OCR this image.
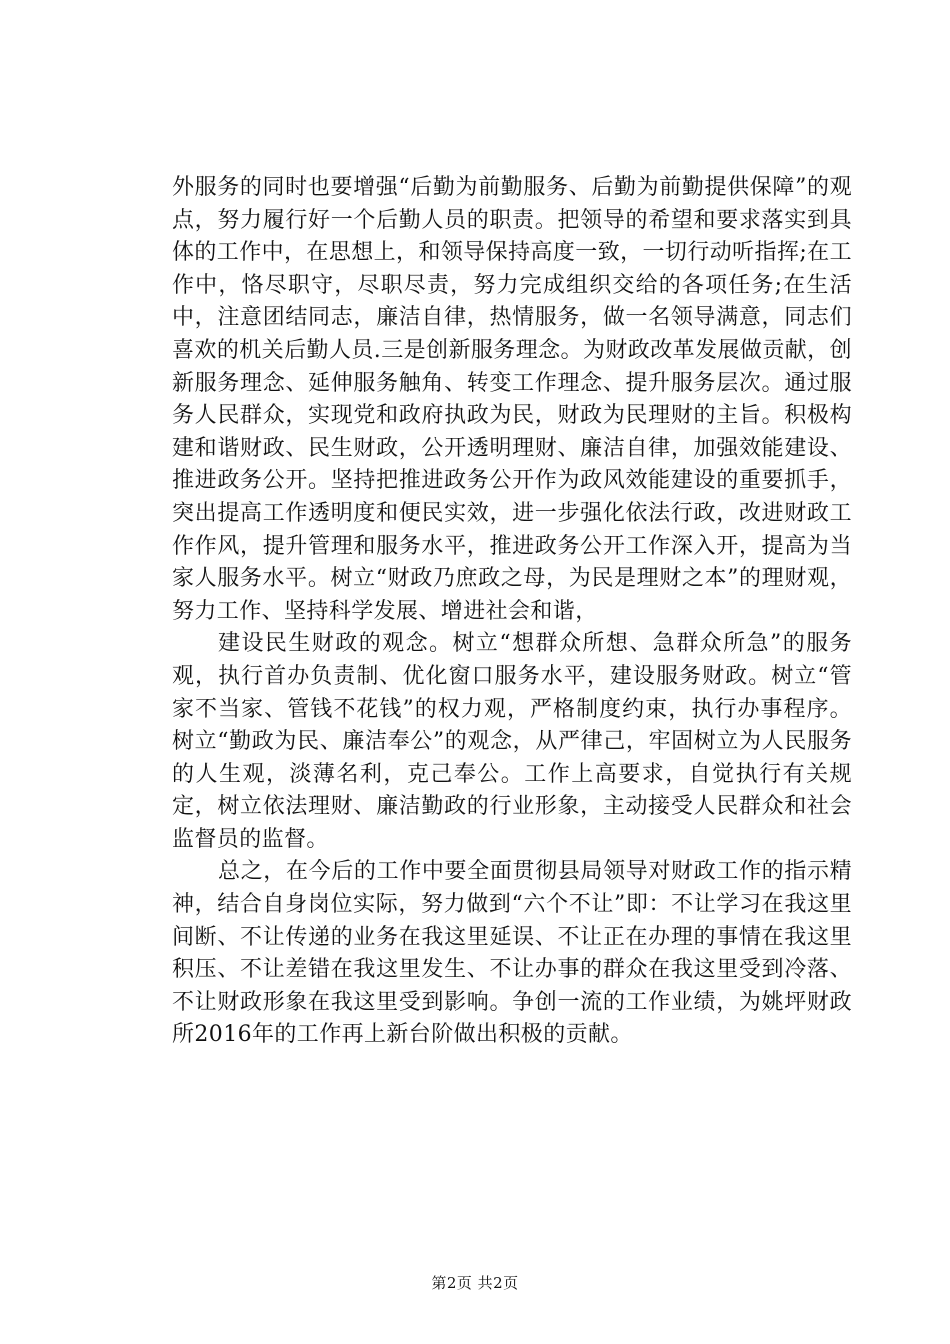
外服务的同时也要增强“后勤为前勤服务、后勤为前勤提供保障”的观点，努力履行好一个后勤人员的职责。把领导的希望和要求落实到具体的工作中，在思想上，和领导保持高度一致，一切行动听指挥;在工作中，恪尽职守，尽职尽责，努力完成组织交给的各项任务;在生活中，注意团结同志，廉洁自律，热情服务，做一名领导满意，同志们喜欢的机关后勤人员.三是创新服务理念。为财政改革发展做贡献，创新服务理念、延伸服务触角、转变工作理念、提升服务层次。通过服务人民群众，实现党和政府执政为民，财政为民理财的主旨。积极构建和谐财政、民生财政，公开透明理财、廉洁自律，加强效能建设、推进政务公开。坚持把推进政务公开作为政风效能建设的重要抓手，突出提高工作透明度和便民实效，进一步强化依法行政，改进财政工作作风，提升管理和服务水平，推进政务公开工作深入开，提高为当家人服务水平。树立“财政乃庶政之母，为民是理财之本”的理财观，努力工作、坚持科学发展、增进社会和谐，

建设民生财政的观念。树立“想群众所想、急群众所急”的服务观，执行首办负责制、优化窗口服务水平，建设服务财政。树立“管家不当家、管钱不花钱”的权力观，严格制度约束，执行办事程序。树立“勤政为民、廉洁奉公”的观念，从严律己，牢固树立为人民服务的人生观，淡薄名利，克己奉公。工作上高要求，自觉执行有关规定，树立依法理财、廉洁勤政的行业形象，主动接受人民群众和社会监督员的监督。

总之，在今后的工作中要全面贯彻县局领导对财政工作的指示精神，结合自身岗位实际，努力做到“六个不让”即：不让学习在我这里间断、不让传递的业务在我这里延误、不让正在办理的事情在我这里积压、不让差错在我这里发生、不让办事的群众在我这里受到冷落、不让财政形象在我这里受到影响。争创一流的工作业绩，为姚坪财政所2016年的工作再上新台阶做出积极的贡献。

第2页 共2页
